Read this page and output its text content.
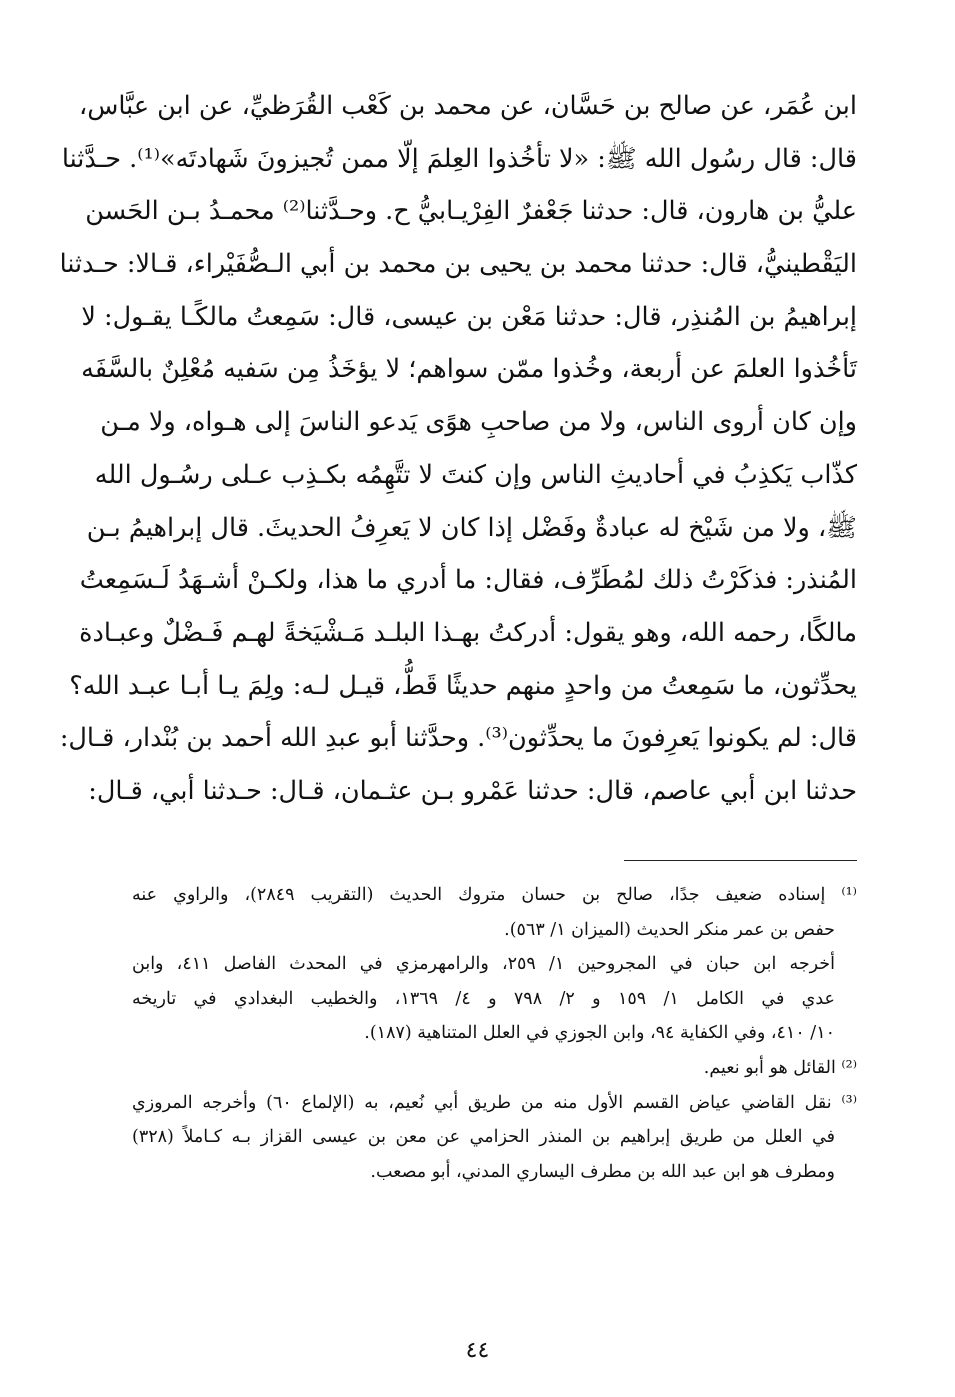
ابن عُمَر، عن صالح بن حَسَّان، عن محمد بن كَعْب القُرَظيِّ، عن ابن عبَّاس،
قال: قال رسُول الله ﷺ: «لا تأخُذوا العِلمَ إلّا ممن تُجيزونَ شَهادتَه»⁽¹⁾. حـدَّثنا
عليُّ بن هارون، قال: حدثنا جَعْفرٌ الفِرْيـابيُّ ح. وحـدَّثنا⁽²⁾ محمـدُ بـن الحَسن
اليَقْطينيُّ، قال: حدثنا محمد بن يحيى بن محمد بن أبي الـصُّفَيْراء، قـالا: حـدثنا
إبراهيمُ بن المُنذِر، قال: حدثنا مَعْن بن عيسى، قال: سَمِعتُ مالكًـا يقـول: لا
تَأخُذوا العلمَ عن أربعة، وخُذوا ممّن سواهم؛ لا يؤخَذُ مِن سَفيه مُعْلِنٌ بالسَّفَه
وإن كان أروى الناس، ولا من صاحبِ هوًى يَدعو الناسَ إلى هـواه، ولا مـن
كذّاب يَكذِبُ في أحاديثِ الناس وإن كنتَ لا تتَّهِمُه بكـذِب عـلى رسُـول الله
ﷺ، ولا من شَيْخ له عبادةٌ وفَضْل إذا كان لا يَعرِفُ الحديثَ. قال إبراهيمُ بـن
المُنذر: فذكَرْتُ ذلك لمُطَرِّف، فقال: ما أدري ما هذا، ولكـنْ أشـهَدُ لَـسَمِعتُ
مالكًا، رحمه الله، وهو يقول: أدركتُ بهـذا البلـد مَـشْيَخةً لهـم فَـضْلٌ وعبـادة
يحدِّثون، ما سَمِعتُ من واحدٍ منهم حديثًا قَطُّ، قيـل لـه: ولِمَ يـا أبـا عبـد الله؟
قال: لم يكونوا يَعرِفونَ ما يحدِّثون⁽³⁾. وحدَّثنا أبو عبدِ الله أحمد بن بُنْدار، قـال:
حدثنا ابن أبي عاصم، قال: حدثنا عَمْرو بـن عثـمان، قـال: حـدثنا أبي، قـال:
⁽¹⁾ إسناده ضعيف جدًا، صالح بن حسان متروك الحديث (التقريب ٢٨٤٩)، والراوي عنه
حفص بن عمر منكر الحديث (الميزان ١/ ٥٦٣).
أخرجه ابن حبان في المجروحين ١/ ٢٥٩، والرامهرمزي في المحدث الفاصل ٤١١، وابن
عدي في الكامل ١/ ١٥٩ و ٢/ ٧٩٨ و ٤/ ١٣٦٩، والخطيب البغدادي في تاريخه
١٠/ ٤١٠، وفي الكفاية ٩٤، وابن الجوزي في العلل المتناهية (١٨٧).
⁽²⁾ القائل هو أبو نعيم.
⁽³⁾ نقل القاضي عياض القسم الأول منه من طريق أبي نُعيم، به (الإلماع ٦٠) وأخرجه المروزي
في العلل من طريق إبراهيم بن المنذر الحزامي عن معن بن عيسى القزاز بـه كـاملاً (٣٢٨)
ومطرف هو ابن عبد الله بن مطرف اليساري المدني، أبو مصعب.
٤٤
